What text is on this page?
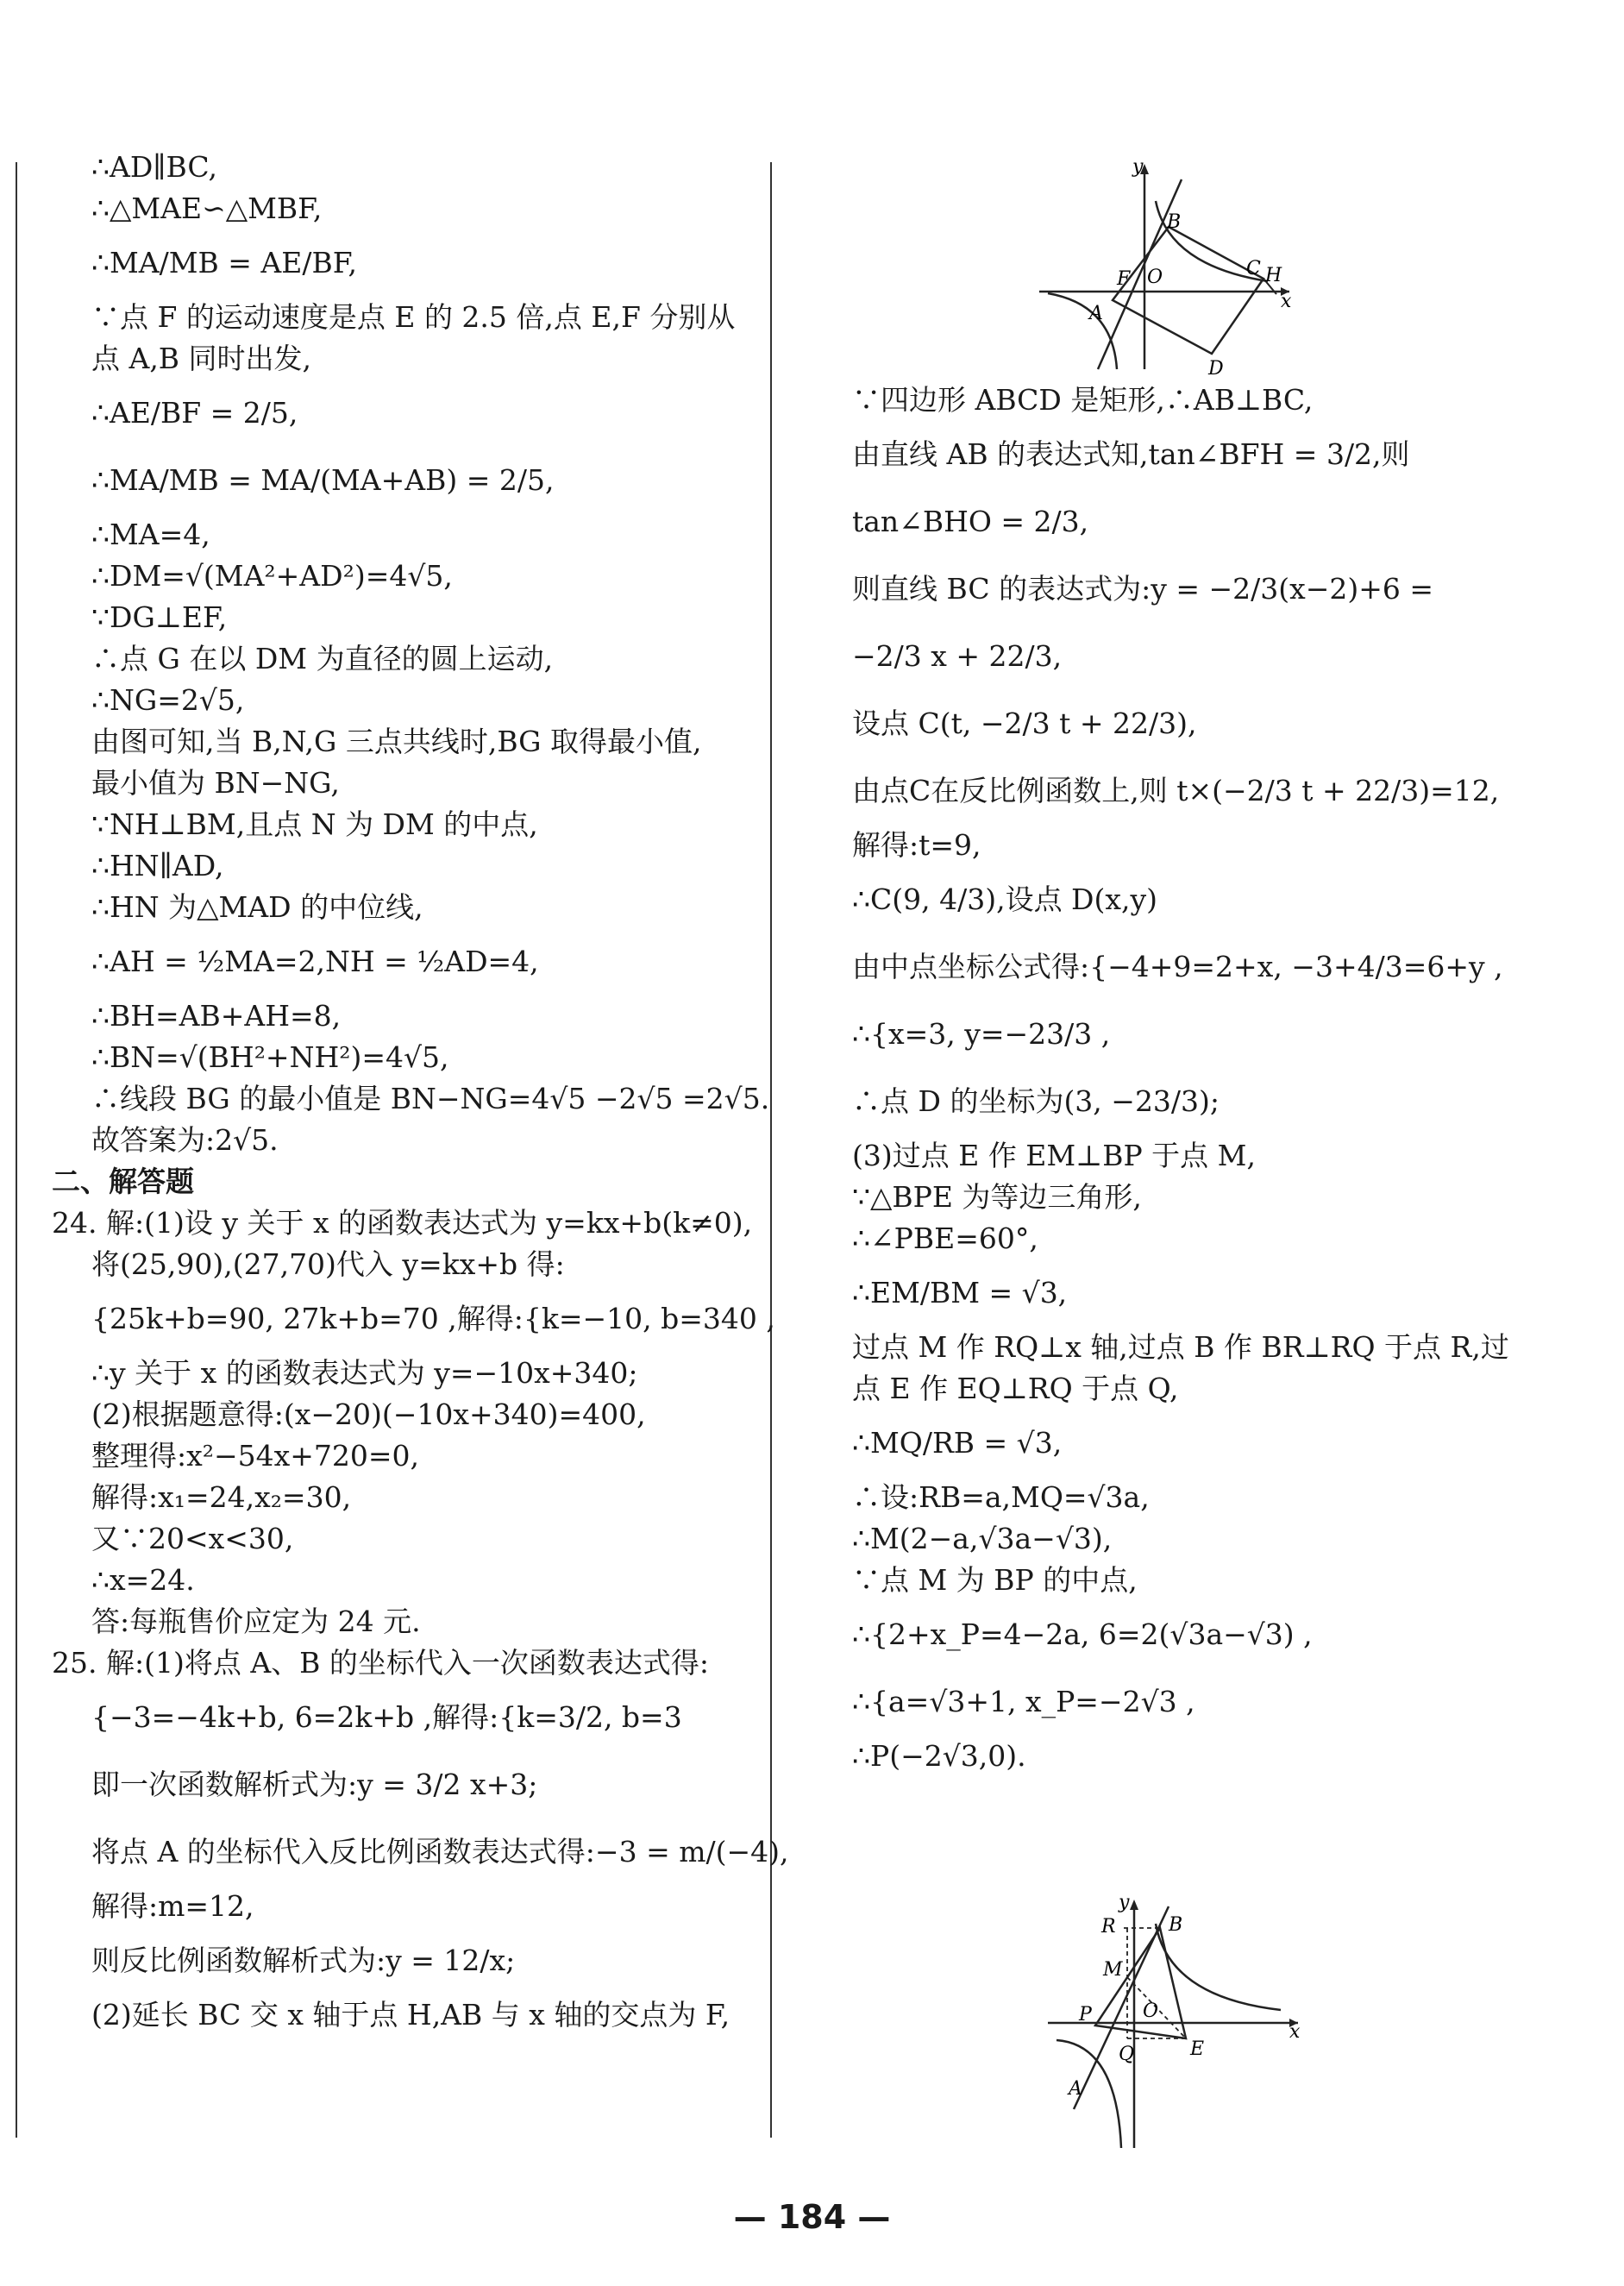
∴AD∥BC,
∴△MAE∽△MBF,
∴MA/MB = AE/BF,
∵点 F 的运动速度是点 E 的 2.5 倍,点 E,F 分别从
点 A,B 同时出发,
∴AE/BF = 2/5,
∴MA/MB = MA/(MA+AB) = 2/5,
∴MA=4,
∴DM=√(MA²+AD²)=4√5,
∵DG⊥EF,
∴点 G 在以 DM 为直径的圆上运动,
∴NG=2√5,
由图可知,当 B,N,G 三点共线时,BG 取得最小值,
最小值为 BN−NG,
∵NH⊥BM,且点 N 为 DM 的中点,
∴HN∥AD,
∴HN 为△MAD 的中位线,
∴AH = ½MA=2,NH = ½AD=4,
∴BH=AB+AH=8,
∴BN=√(BH²+NH²)=4√5,
∴线段 BG 的最小值是 BN−NG=4√5 −2√5 =2√5.
故答案为:2√5.
二、解答题
24. 解:(1)设 y 关于 x 的函数表达式为 y=kx+b(k≠0),
将(25,90),(27,70)代入 y=kx+b 得:
{25k+b=90, 27k+b=70 ,解得:{k=−10, b=340 ,
∴y 关于 x 的函数表达式为 y=−10x+340;
(2)根据题意得:(x−20)(−10x+340)=400,
整理得:x²−54x+720=0,
解得:x₁=24,x₂=30,
又∵20<x<30,
∴x=24.
答:每瓶售价应定为 24 元.
25. 解:(1)将点 A、B 的坐标代入一次函数表达式得:
{−3=−4k+b, 6=2k+b ,解得:{k=3/2, b=3
即一次函数解析式为:y = 3/2 x+3;
将点 A 的坐标代入反比例函数表达式得:−3 = m/(−4),
解得:m=12,
则反比例函数解析式为:y = 12/x;
(2)延长 BC 交 x 轴于点 H,AB 与 x 轴的交点为 F,
y
B
F O	C H
x
A
D
∵四边形 ABCD 是矩形,∴AB⊥BC,
由直线 AB 的表达式知,tan∠BFH = 3/2,则
tan∠BHO = 2/3,
则直线 BC 的表达式为:y = −2/3(x−2)+6 =
−2/3 x + 22/3,
设点 C(t, −2/3 t + 22/3),
由点C在反比例函数上,则 t×(−2/3 t + 22/3)=12,
解得:t=9,
∴C(9, 4/3),设点 D(x,y)
由中点坐标公式得:{−4+9=2+x, −3+4/3=6+y ,
∴{x=3, y=−23/3 ,
∴点 D 的坐标为(3, −23/3);
(3)过点 E 作 EM⊥BP 于点 M,
∵△BPE 为等边三角形,
∴∠PBE=60°,
∴EM/BM = √3,
过点 M 作 RQ⊥x 轴,过点 B 作 BR⊥RQ 于点 R,过
点 E 作 EQ⊥RQ 于点 Q,
∴MQ/RB = √3,
∴设:RB=a,MQ=√3a,
∴M(2−a,√3a−√3),
∵点 M 为 BP 的中点,
∴{2+x_P=4−2a, 6=2(√3a−√3) ,
∴{a=√3+1, x_P=−2√3 ,
∴P(−2√3,0).
y
R	B
M
P	O
x
Q	E
A
— 184 —
